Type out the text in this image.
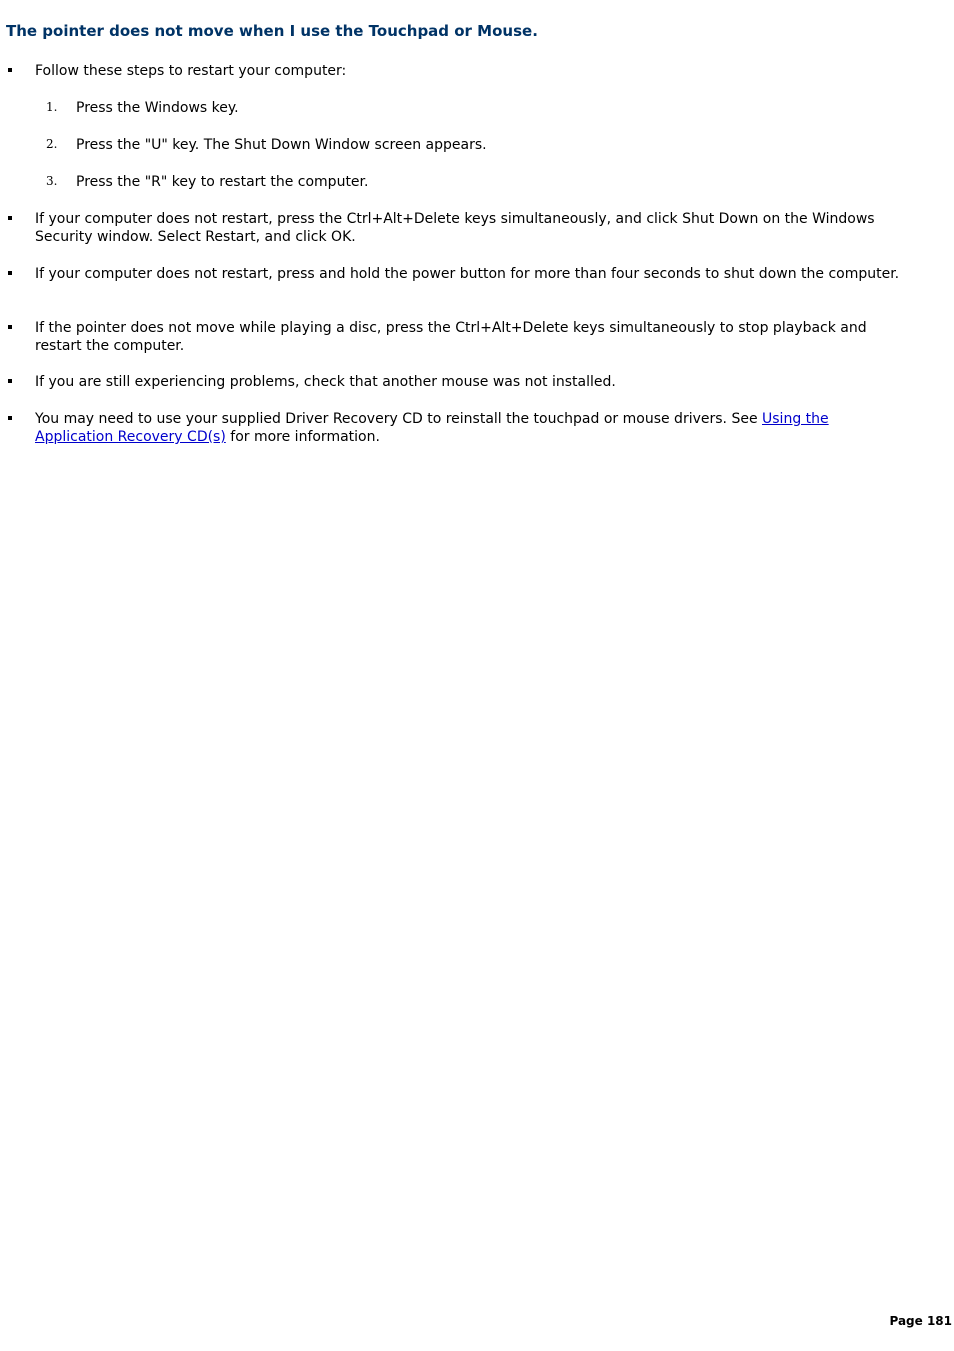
The pointer does not move when I use the Touchpad or Mouse.
Follow these steps to restart your computer:
1. Press the Windows key.
2. Press the "U" key. The Shut Down Window screen appears.
3. Press the "R" key to restart the computer.
If your computer does not restart, press the Ctrl+Alt+Delete keys simultaneously, and click Shut Down on the Windows Security window. Select Restart, and click OK.
If your computer does not restart, press and hold the power button for more than four seconds to shut down the computer.
If the pointer does not move while playing a disc, press the Ctrl+Alt+Delete keys simultaneously to stop playback and restart the computer.
If you are still experiencing problems, check that another mouse was not installed.
You may need to use your supplied Driver Recovery CD to reinstall the touchpad or mouse drivers. See Using the Application Recovery CD(s) for more information.
Page 181
